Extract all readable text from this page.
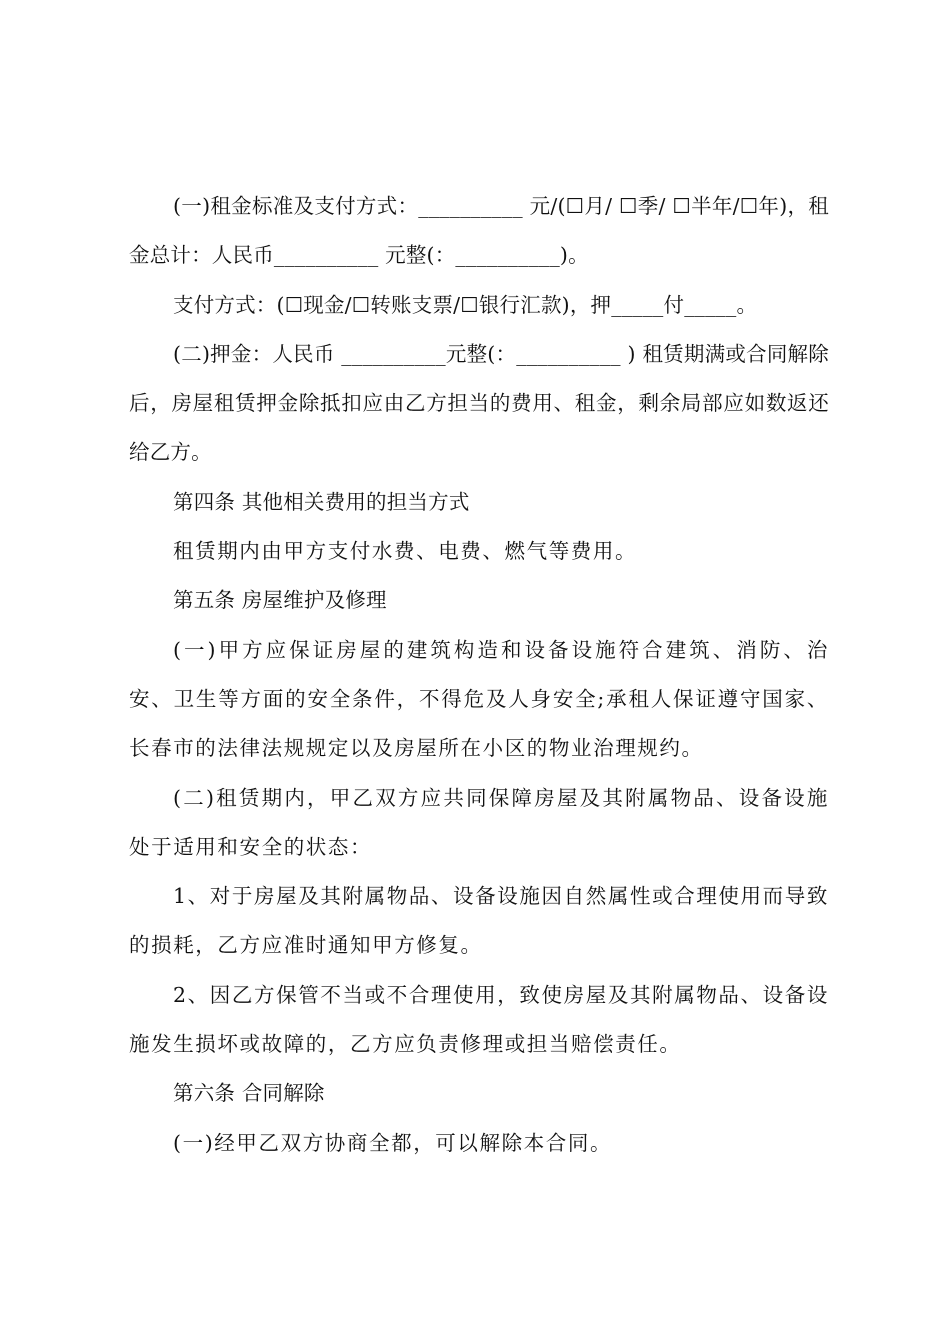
(一)租金标准及支付方式：__________ 元/(☐月/ ☐季/ ☐半年/☐年)，租金总计：人民币__________ 元整(：__________)。

支付方式：(☐现金/☐转账支票/☐银行汇款)，押_____付_____。

(二)押金：人民币 __________元整(：__________ ) 租赁期满或合同解除后，房屋租赁押金除抵扣应由乙方担当的费用、租金，剩余局部应如数返还给乙方。

第四条 其他相关费用的担当方式

租赁期内由甲方支付水费、电费、燃气等费用。

第五条 房屋维护及修理

(一)甲方应保证房屋的建筑构造和设备设施符合建筑、消防、治安、卫生等方面的安全条件，不得危及人身安全;承租人保证遵守国家、长春市的法律法规规定以及房屋所在小区的物业治理规约。

(二)租赁期内，甲乙双方应共同保障房屋及其附属物品、设备设施处于适用和安全的状态：

1、对于房屋及其附属物品、设备设施因自然属性或合理使用而导致的损耗，乙方应准时通知甲方修复。

2、因乙方保管不当或不合理使用，致使房屋及其附属物品、设备设施发生损坏或故障的，乙方应负责修理或担当赔偿责任。

第六条 合同解除

(一)经甲乙双方协商全都，可以解除本合同。
